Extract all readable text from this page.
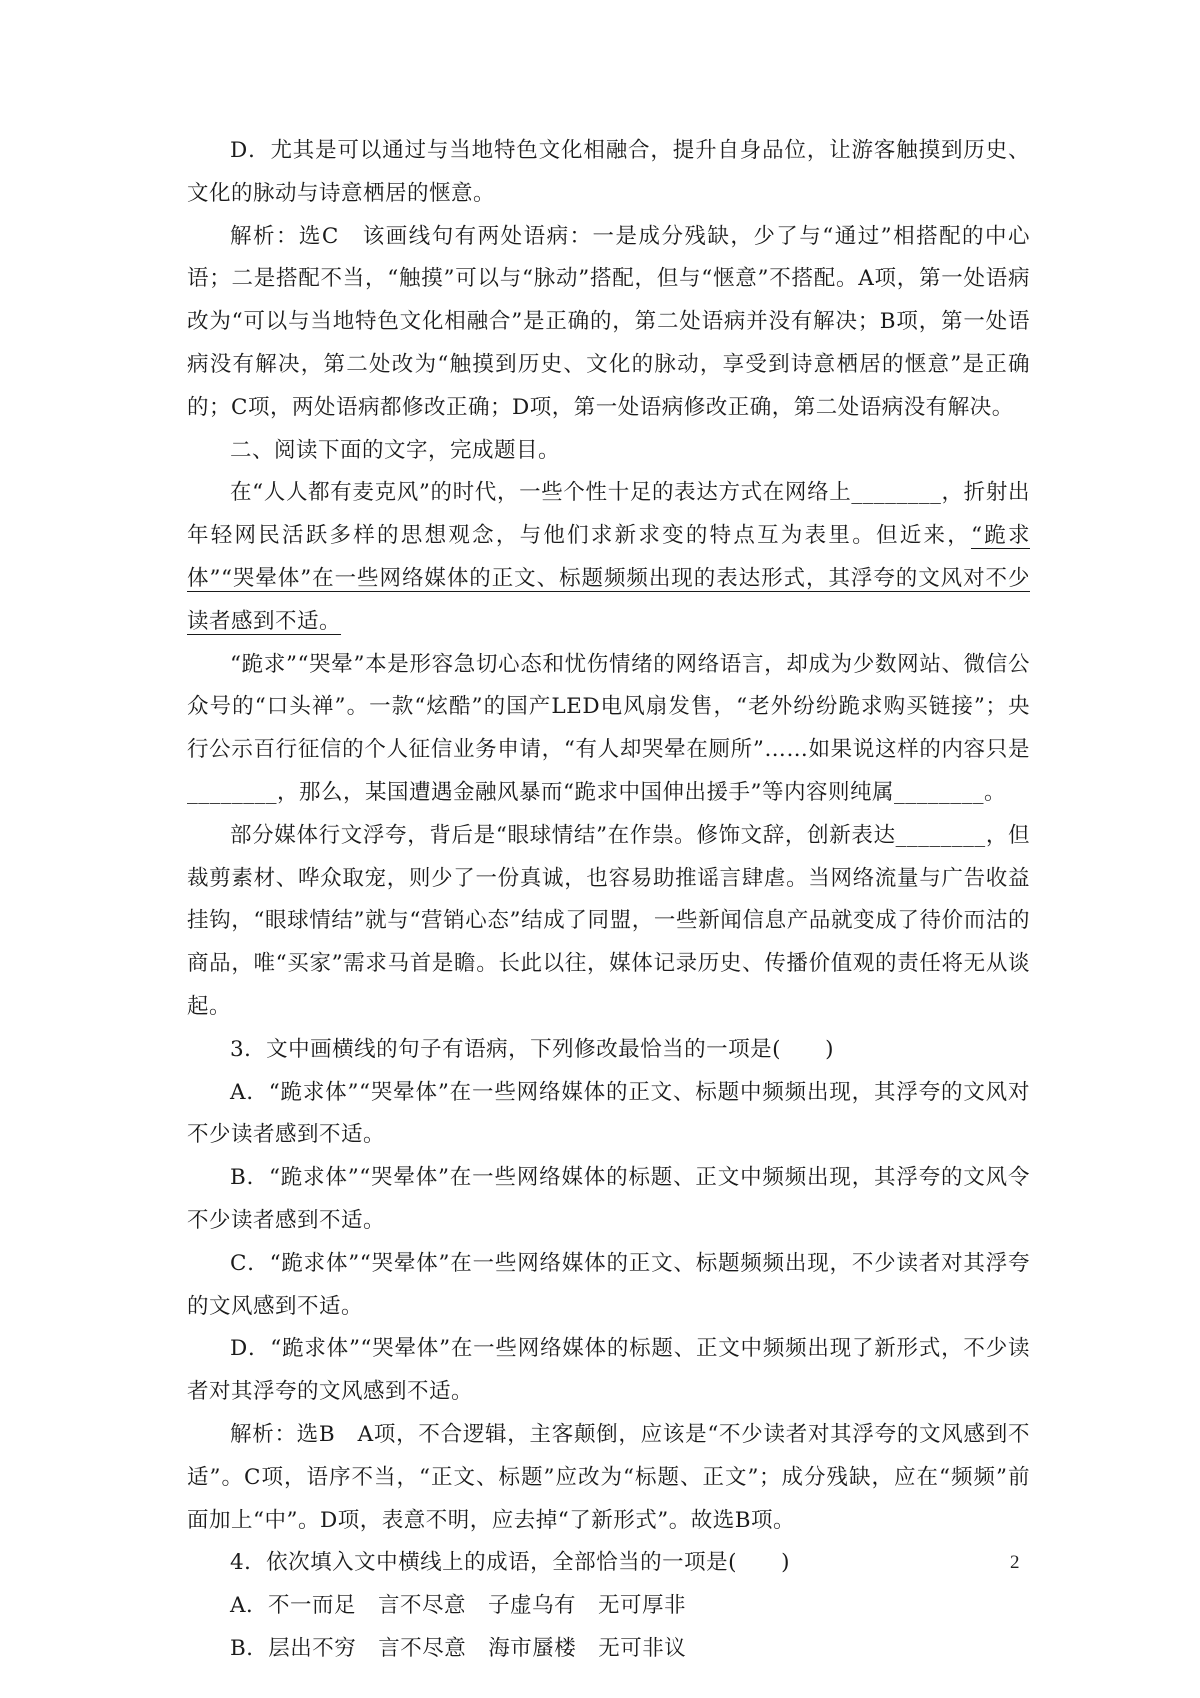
D．尤其是可以通过与当地特色文化相融合，提升自身品位，让游客触摸到历史、文化的脉动与诗意栖居的惬意。

解析：选C　该画线句有两处语病：一是成分残缺，少了与“通过”相搭配的中心语；二是搭配不当，“触摸”可以与“脉动”搭配，但与“惬意”不搭配。A项，第一处语病改为“可以与当地特色文化相融合”是正确的，第二处语病并没有解决；B项，第一处语病没有解决，第二处改为“触摸到历史、文化的脉动，享受到诗意栖居的惬意”是正确的；C项，两处语病都修改正确；D项，第一处语病修改正确，第二处语病没有解决。

二、阅读下面的文字，完成题目。

在“人人都有麦克风”的时代，一些个性十足的表达方式在网络上________，折射出年轻网民活跃多样的思想观念，与他们求新求变的特点互为表里。但近来，“跪求体”“哭晕体”在一些网络媒体的正文、标题频频出现的表达形式，其浮夸的文风对不少读者感到不适。

“跪求”“哭晕”本是形容急切心态和忧伤情绪的网络语言，却成为少数网站、微信公众号的“口头禅”。一款“炫酷”的国产LED电风扇发售，“老外纷纷跪求购买链接”；央行公示百行征信的个人征信业务申请，“有人却哭晕在厕所”……如果说这样的内容只是________，那么，某国遭遇金融风暴而“跪求中国伸出援手”等内容则纯属________。

部分媒体行文浮夸，背后是“眼球情结”在作祟。修饰文辞，创新表达________，但裁剪素材、哗众取宠，则少了一份真诚，也容易助推谣言肆虐。当网络流量与广告收益挂钩，“眼球情结”就与“营销心态”结成了同盟，一些新闻信息产品就变成了待价而沽的商品，唯“买家”需求马首是瞻。长此以往，媒体记录历史、传播价值观的责任将无从谈起。

3．文中画横线的句子有语病，下列修改最恰当的一项是(　　)

A．“跪求体”“哭晕体”在一些网络媒体的正文、标题中频频出现，其浮夸的文风对不少读者感到不适。

B．“跪求体”“哭晕体”在一些网络媒体的标题、正文中频频出现，其浮夸的文风令不少读者感到不适。

C．“跪求体”“哭晕体”在一些网络媒体的正文、标题频频出现，不少读者对其浮夸的文风感到不适。

D．“跪求体”“哭晕体”在一些网络媒体的标题、正文中频频出现了新形式，不少读者对其浮夸的文风感到不适。

解析：选B　A项，不合逻辑，主客颠倒，应该是“不少读者对其浮夸的文风感到不适”。C项，语序不当，“正文、标题”应改为“标题、正文”；成分残缺，应在“频频”前面加上“中”。D项，表意不明，应去掉“了新形式”。故选B项。

4．依次填入文中横线上的成语，全部恰当的一项是(　　)

A．不一而足　言不尽意　子虚乌有　无可厚非

B．层出不穷　言不尽意　海市蜃楼　无可非议

2
